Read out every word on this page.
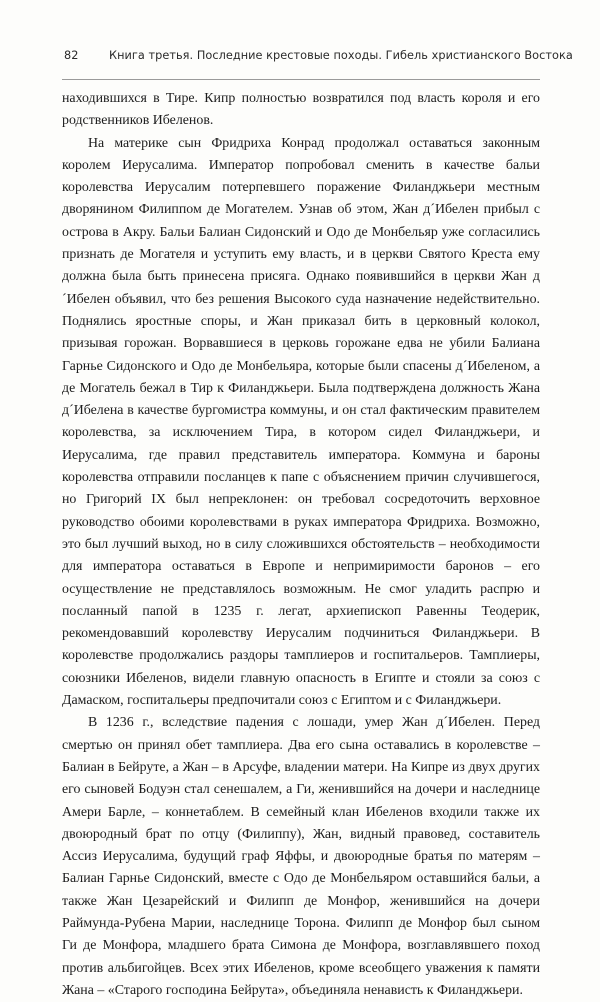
82	Книга третья. Последние крестовые походы. Гибель христианского Востока

находившихся в Тире. Кипр полностью возвратился под власть короля и его родственников Ибеленов.

На материке сын Фридриха Конрад продолжал оставаться законным королем Иерусалима. Император попробовал сменить в качестве бальи королевства Иерусалим потерпевшего поражение Филанджьери местным дворянином Филиппом де Могателем. Узнав об этом, Жан д´Ибелен прибыл с острова в Акру. Бальи Балиан Сидонский и Одо де Монбельяр уже согласились признать де Могателя и уступить ему власть, и в церкви Святого Креста ему должна была быть принесена присяга. Однако появившийся в церкви Жан д´Ибелен объявил, что без решения Высокого суда назначение недействительно. Поднялись яростные споры, и Жан приказал бить в церковный колокол, призывая горожан. Ворвавшиеся в церковь горожане едва не убили Балиана Гарнье Сидонского и Одо де Монбельяра, которые были спасены д´Ибеленом, а де Могатель бежал в Тир к Филанджьери. Была подтверждена должность Жана д´Ибелена в качестве бургомистра коммуны, и он стал фактическим правителем королевства, за исключением Тира, в котором сидел Филанджьери, и Иерусалима, где правил представитель императора. Коммуна и бароны королевства отправили посланцев к папе с объяснением причин случившегося, но Григорий IX был непреклонен: он требовал сосредоточить верховное руководство обоими королевствами в руках императора Фридриха. Возможно, это был лучший выход, но в силу сложившихся обстоятельств – необходимости для императора оставаться в Европе и непримиримости баронов – его осуществление не представлялось возможным. Не смог уладить распрю и посланный папой в 1235 г. легат, архиепископ Равенны Теодерик, рекомендовавший королевству Иерусалим подчиниться Филанджьери. В королевстве продолжались раздоры тамплиеров и госпитальеров. Тамплиеры, союзники Ибеленов, видели главную опасность в Египте и стояли за союз с Дамаском, госпитальеры предпочитали союз с Египтом и с Филанджьери.

В 1236 г., вследствие падения с лошади, умер Жан д´Ибелен. Перед смертью он принял обет тамплиера. Два его сына оставались в королевстве – Балиан в Бейруте, а Жан – в Арсуфе, владении матери. На Кипре из двух других его сыновей Бодуэн стал сенешалем, а Ги, женившийся на дочери и наследнице Амери Барле, – коннетаблем. В семейный клан Ибеленов входили также их двоюродный брат по отцу (Филиппу), Жан, видный правовед, составитель Ассиз Иерусалима, будущий граф Яффы, и двоюродные братья по матерям – Балиан Гарнье Сидонский, вместе с Одо де Монбельяром оставшийся бальи, а также Жан Цезарейский и Филипп де Монфор, женившийся на дочери Раймунда-Рубена Марии, наследнице Торона. Филипп де Монфор был сыном Ги де Монфора, младшего брата Симона де Монфора, возглавлявшего поход против альбигойцев. Всех этих Ибеленов, кроме всеобщего уважения к памяти Жана – «Старого господина Бейрута», объединяла ненависть к Филанджьери.
